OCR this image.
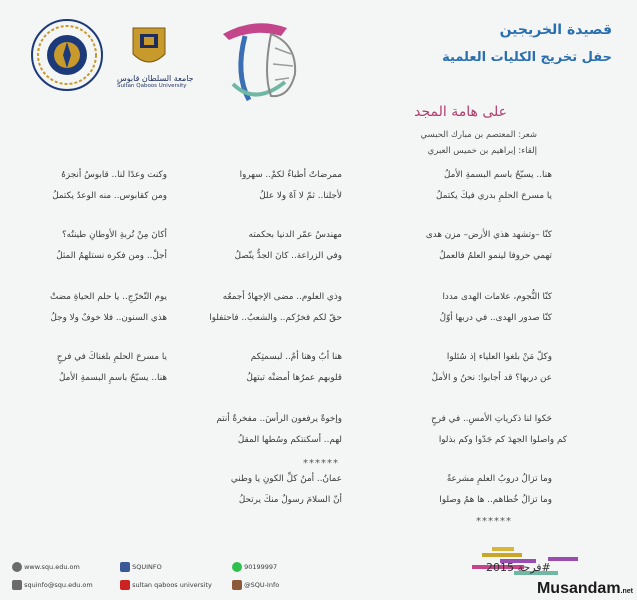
جامعة السلطان قابوس
Sultan Qaboos University
قصيدة الخريجين
حفل تخريج الكليات العلمية
على هامة المجد
شعر: المعتصم بن مبارك الحبسي
إلقاء: إبراهيم بن خميس العبري
هنا.. يسبّحُ باسم البسمةِ الأملُ
يا مسرحَ الحلمِ بدري فيكَ يكتملُ
كنّا –وتشهد هذي الأرض– مزن هدى
تهمي حروفا لينمو العلمُ فالعملُ
كنّا النُّجوم، علامات الهدى مددا
كنّا صدور الهدى.. في دربها أوّلُ
وكلّ مَنْ بلغوا العلياء إذ سُئلوا
عن دربها؟ قد أجابوا: نحنُ و الأملُ
حَكوا لنا ذكرياتِ الأمسِ.. في فرحٍ
كم واصلوا الجهدَ كم جَدّوا وكم بذلوا
وما تزالُ دروبُ العلمِ مشرعةً
وما تزالُ خُطاهم.. ها همُ وصلوا
******
ممرضاتٌ أطباءٌ لكمْ.. سهروا
لأجلنا.. ثمّ لا آهٌ ولا عللُ
مهندسُ عمّر الدنيا بحكمته
وفي الزراعة.. كانَ الجدُّ يتّصلُ
وذي العلوم.. مضى الإجهادُ أجمعُه
حقّ لكم فخرُكم.. والشعبُ.. فاحتفلوا
هنا أبٌ وهنا أمٌ.. لبسمتِكم
قلوبهم عمرُها أمضتْه تبتهلُ
وإخوةٌ يرفعون الرأسَ.. مفخرةٌ أنتم
لهم.. أسكنتكم وسُطها المقلُ
******
عمانُ.. أمنُ كلِّ الكونِ يا وطني
أنّ السلامَ رسولٌ منكَ يرتحلُ
وكنت وعدًا لنا.. قابوسُ أنجزهُ
ومن كقابوس.. منه الوعدُ يكتملُ
أكانَ مِنْ تُربةِ الأوطانِ طينتُه؟
أجلْ.. ومن فكره نستلهمُ المثلُ
يوم التّخرّجِ.. يا حلم الحياةِ مضتْ
هذي السنون.. فلا خوفٌ ولا وجلُ
يا مسرحَ الحلمِ بلغناكَ في فرحٍ
هنا.. يسبّحُ باسمِ البسمةِ الأملُ
www.squ.edu.om
squinfo@squ.edu.om
SQUINFO
sultan qaboos university
90199997
@SQU-Info
#فرحة 2015
Musandam.net
